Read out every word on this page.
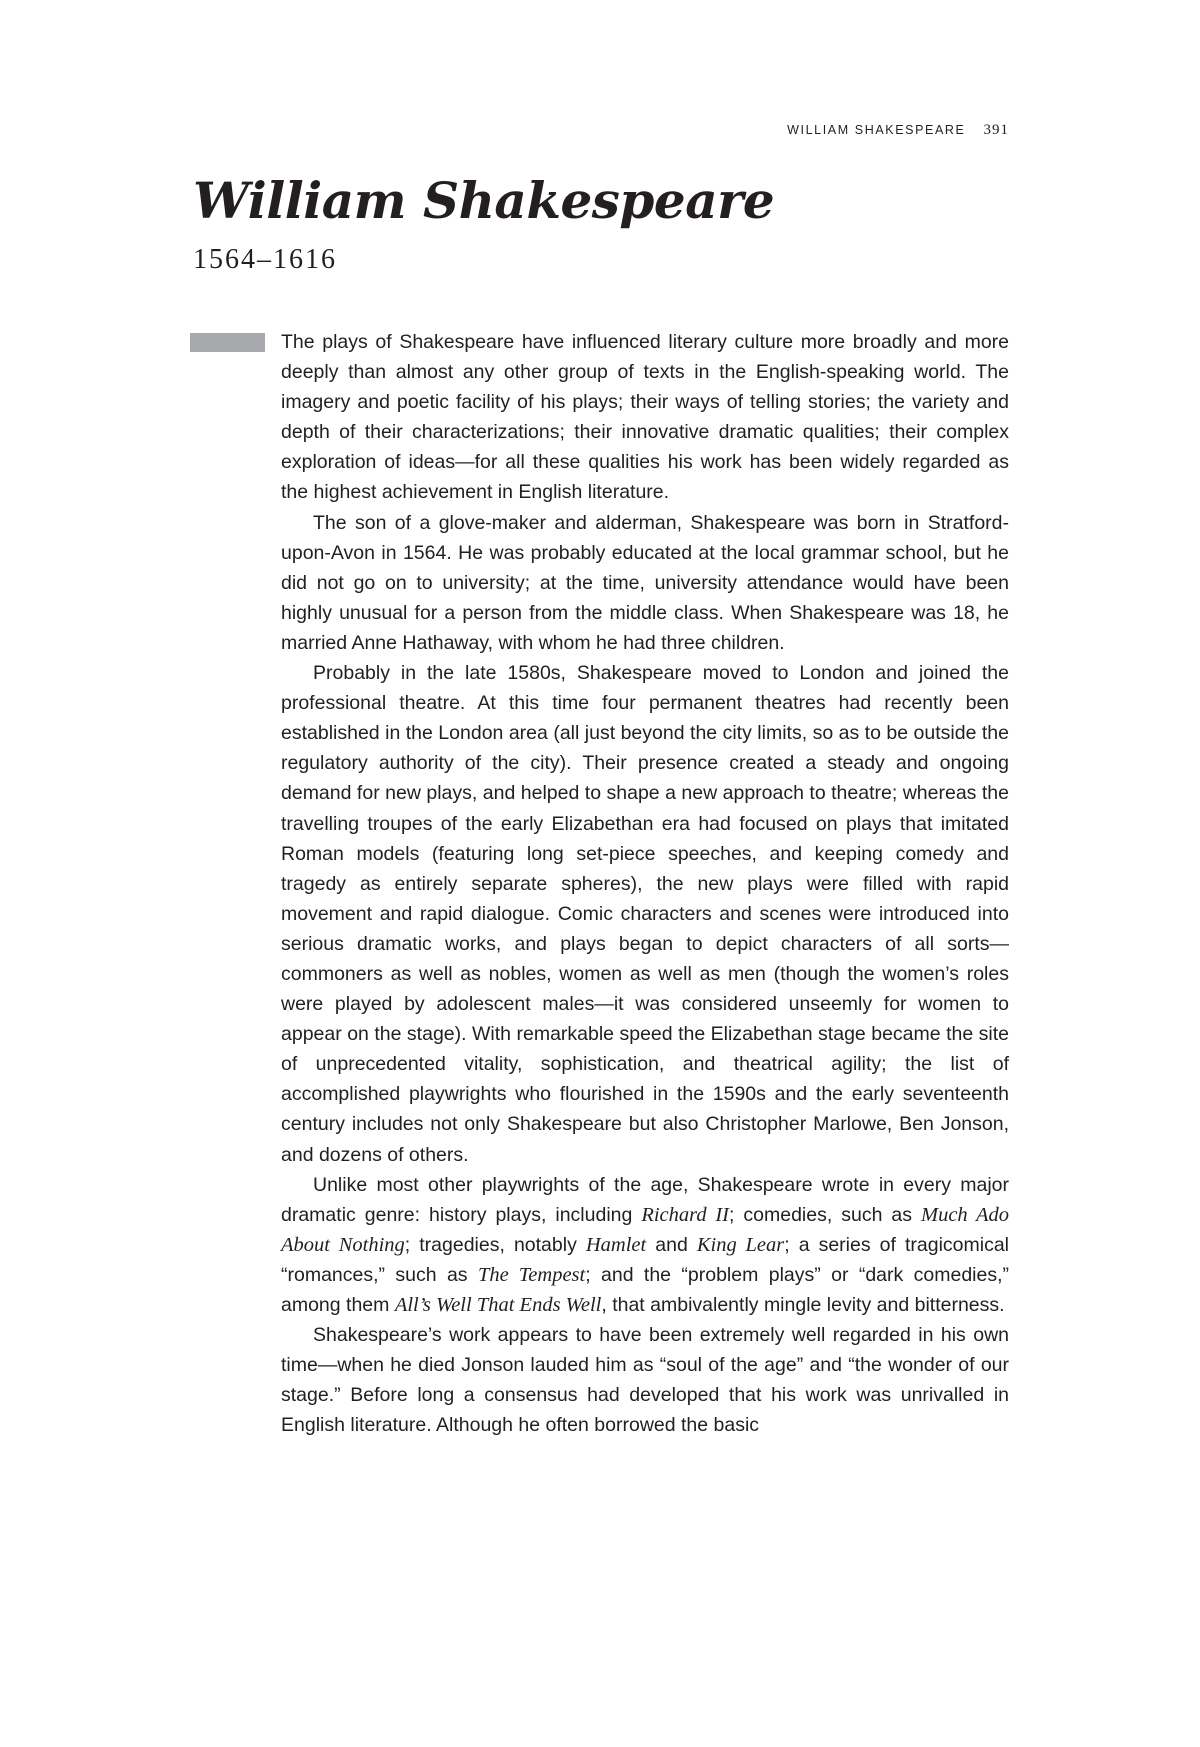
WILLIAM SHAKESPEARE 391
William Shakespeare
1564–1616

The plays of Shakespeare have influenced literary culture more broadly and more deeply than almost any other group of texts in the English-speaking world. The imagery and poetic facility of his plays; their ways of telling stories; the variety and depth of their characterizations; their innovative dramatic qualities; their complex exploration of ideas—for all these qualities his work has been widely regarded as the highest achievement in English literature.

The son of a glove-maker and alderman, Shakespeare was born in Stratford-upon-Avon in 1564. He was probably educated at the local grammar school, but he did not go on to university; at the time, university attendance would have been highly unusual for a person from the middle class. When Shakespeare was 18, he married Anne Hathaway, with whom he had three children.

Probably in the late 1580s, Shakespeare moved to London and joined the professional theatre. At this time four permanent theatres had recently been established in the London area (all just beyond the city limits, so as to be outside the regulatory authority of the city). Their presence created a steady and ongoing demand for new plays, and helped to shape a new approach to theatre; whereas the travelling troupes of the early Elizabethan era had focused on plays that imitated Roman models (featuring long set-piece speeches, and keeping comedy and tragedy as entirely separate spheres), the new plays were filled with rapid movement and rapid dialogue. Comic characters and scenes were introduced into serious dramatic works, and plays began to depict characters of all sorts—commoners as well as nobles, women as well as men (though the women’s roles were played by adolescent males—it was considered unseemly for women to appear on the stage). With remarkable speed the Elizabethan stage became the site of unprecedented vitality, sophistication, and theatrical agility; the list of accomplished playwrights who flourished in the 1590s and the early seventeenth century includes not only Shakespeare but also Christopher Marlowe, Ben Jonson, and dozens of others.

Unlike most other playwrights of the age, Shakespeare wrote in every major dramatic genre: history plays, including Richard II; comedies, such as Much Ado About Nothing; tragedies, notably Hamlet and King Lear; a series of tragicomical “romances,” such as The Tempest; and the “problem plays” or “dark comedies,” among them All’s Well That Ends Well, that ambivalently mingle levity and bitterness.

Shakespeare’s work appears to have been extremely well regarded in his own time—when he died Jonson lauded him as “soul of the age” and “the wonder of our stage.” Before long a consensus had developed that his work was unrivalled in English literature. Although he often borrowed the basic
